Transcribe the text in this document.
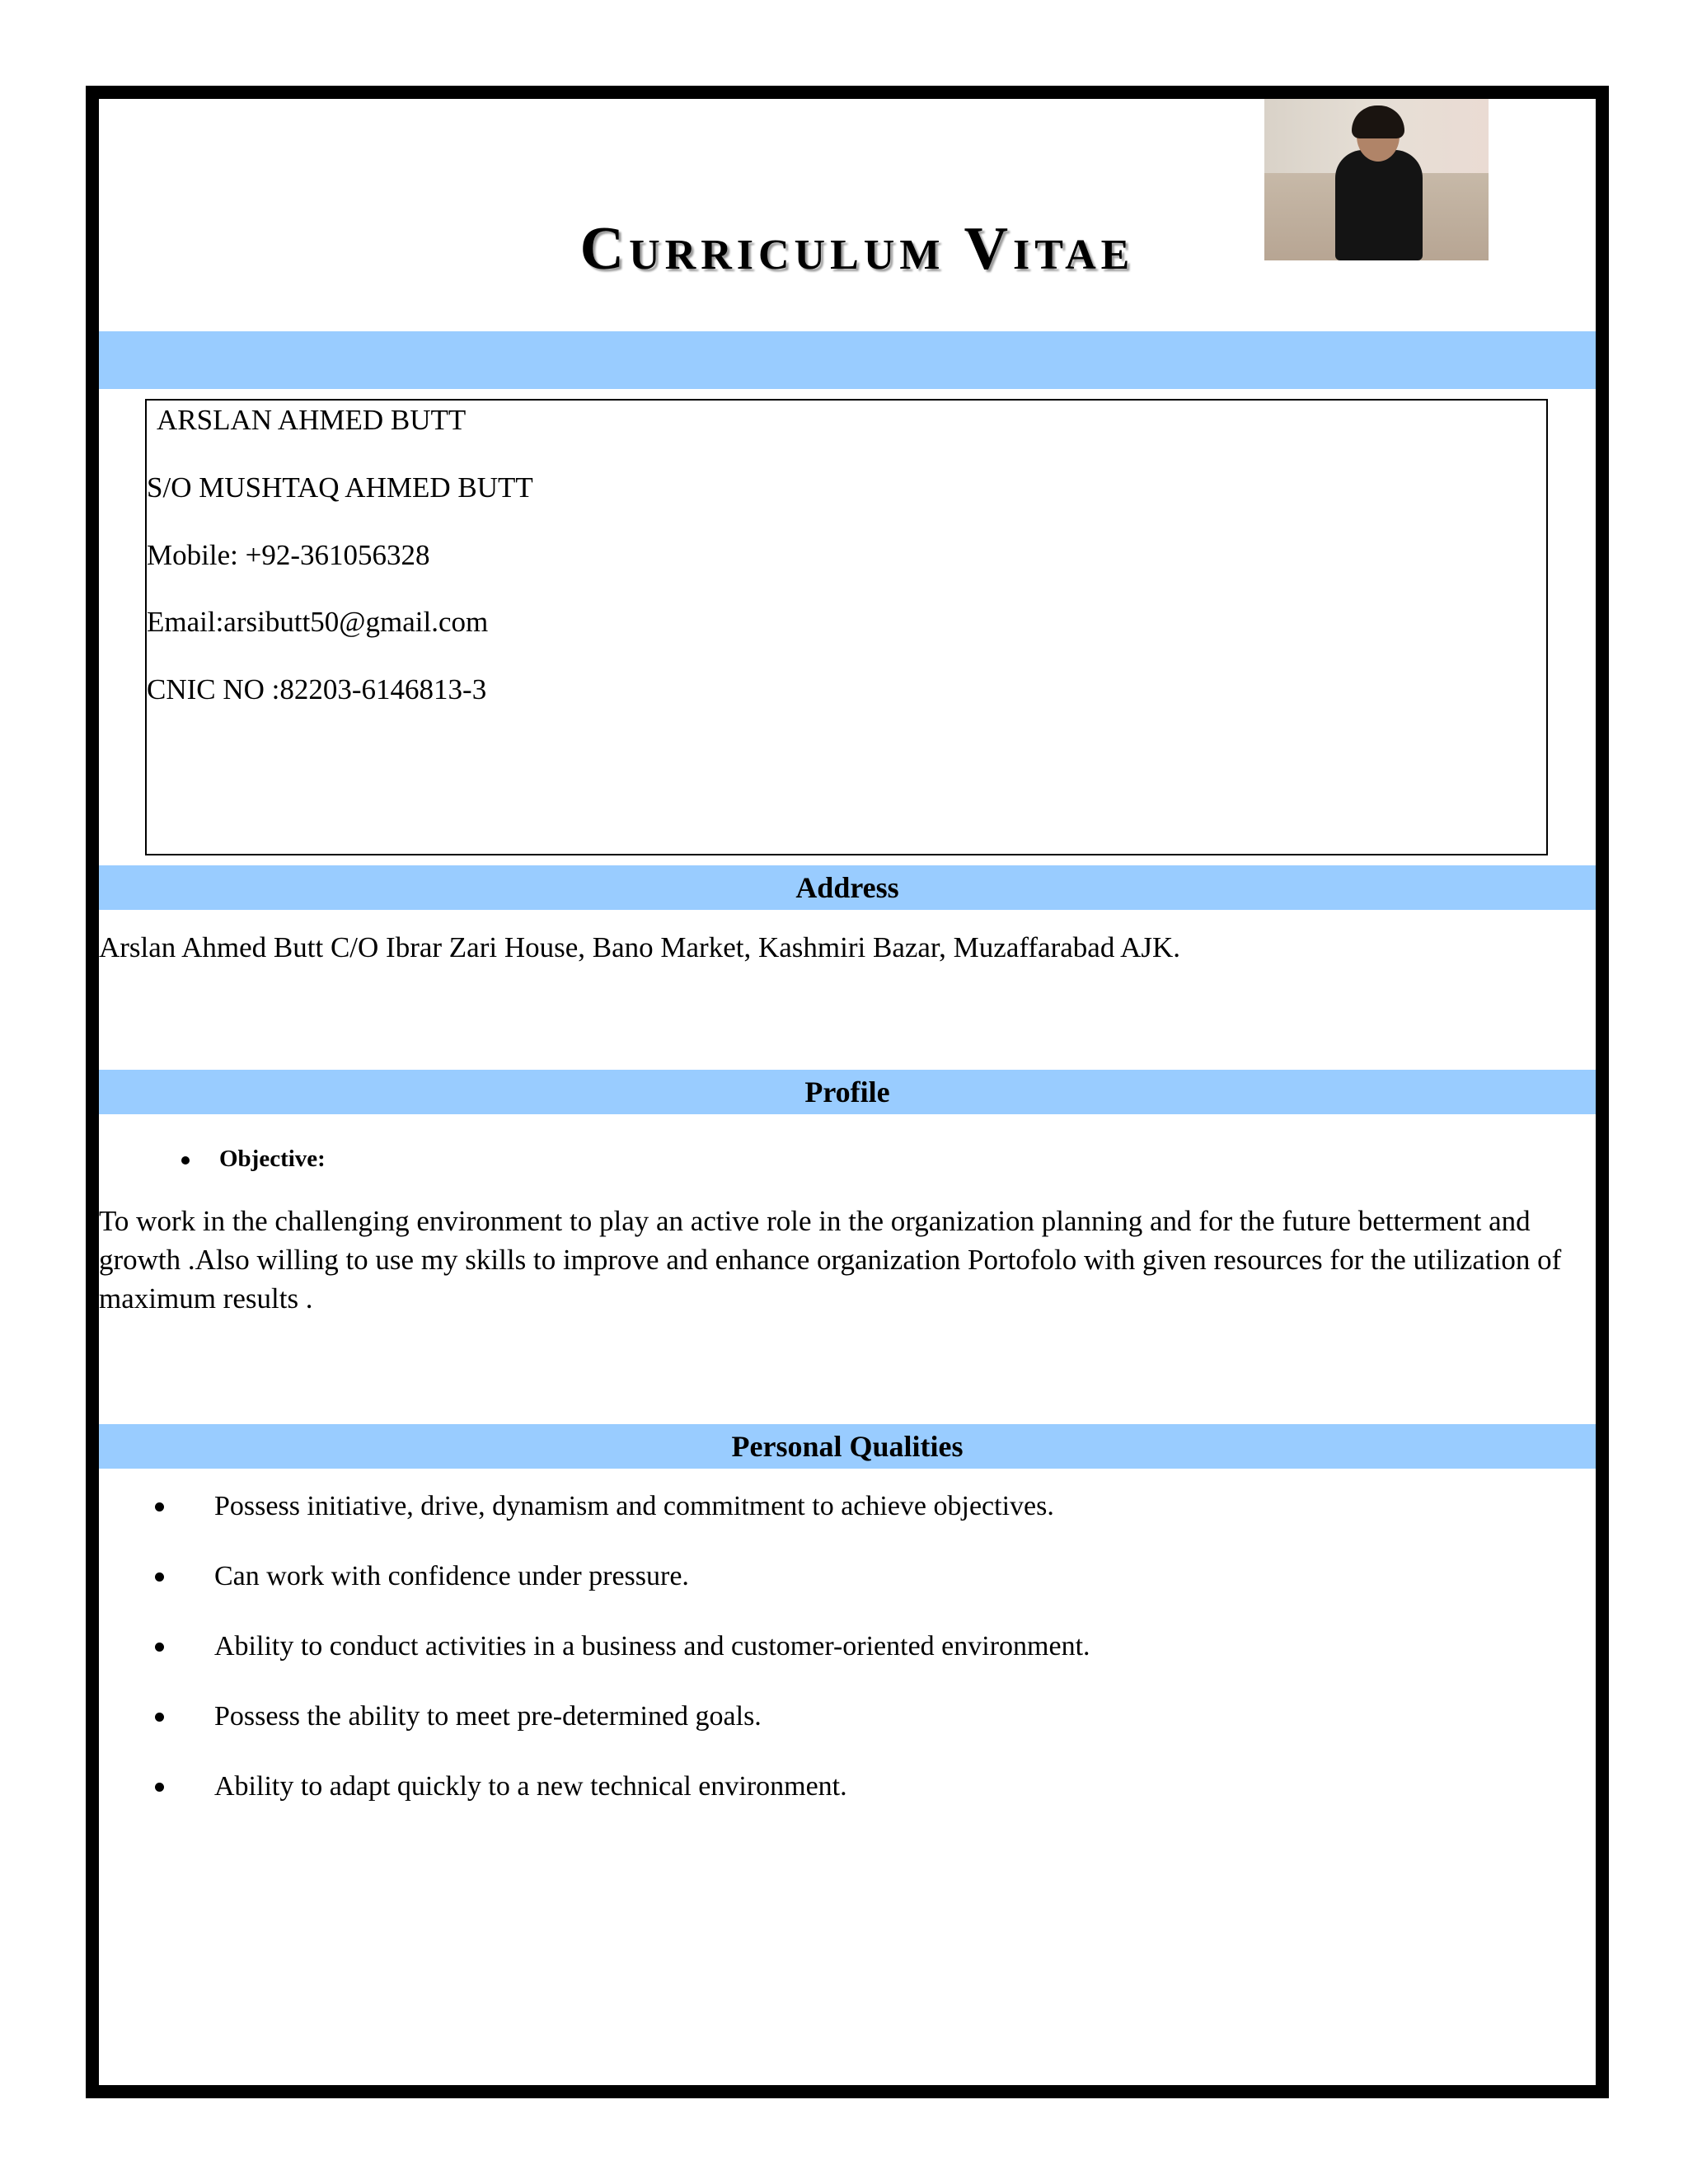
Curriculum Vitae
ARSLAN AHMED BUTT
S/O MUSHTAQ AHMED BUTT
Mobile: +92-361056328
Email:arsibutt50@gmail.com
CNIC NO :82203-6146813-3
Address
Arslan Ahmed Butt C/O Ibrar Zari House, Bano Market, Kashmiri Bazar, Muzaffarabad AJK.
Profile
Objective:
To work in the challenging environment to play an active role in the organization planning and for the future betterment and growth .Also willing to use my skills to improve and enhance organization Portofolo with given resources for the utilization of maximum results .
Personal Qualities
Possess initiative, drive, dynamism and commitment to achieve objectives.
Can work with confidence under pressure.
Ability to conduct activities in a business and customer-oriented environment.
Possess the ability to meet pre-determined goals.
Ability to adapt quickly to a new technical environment.
